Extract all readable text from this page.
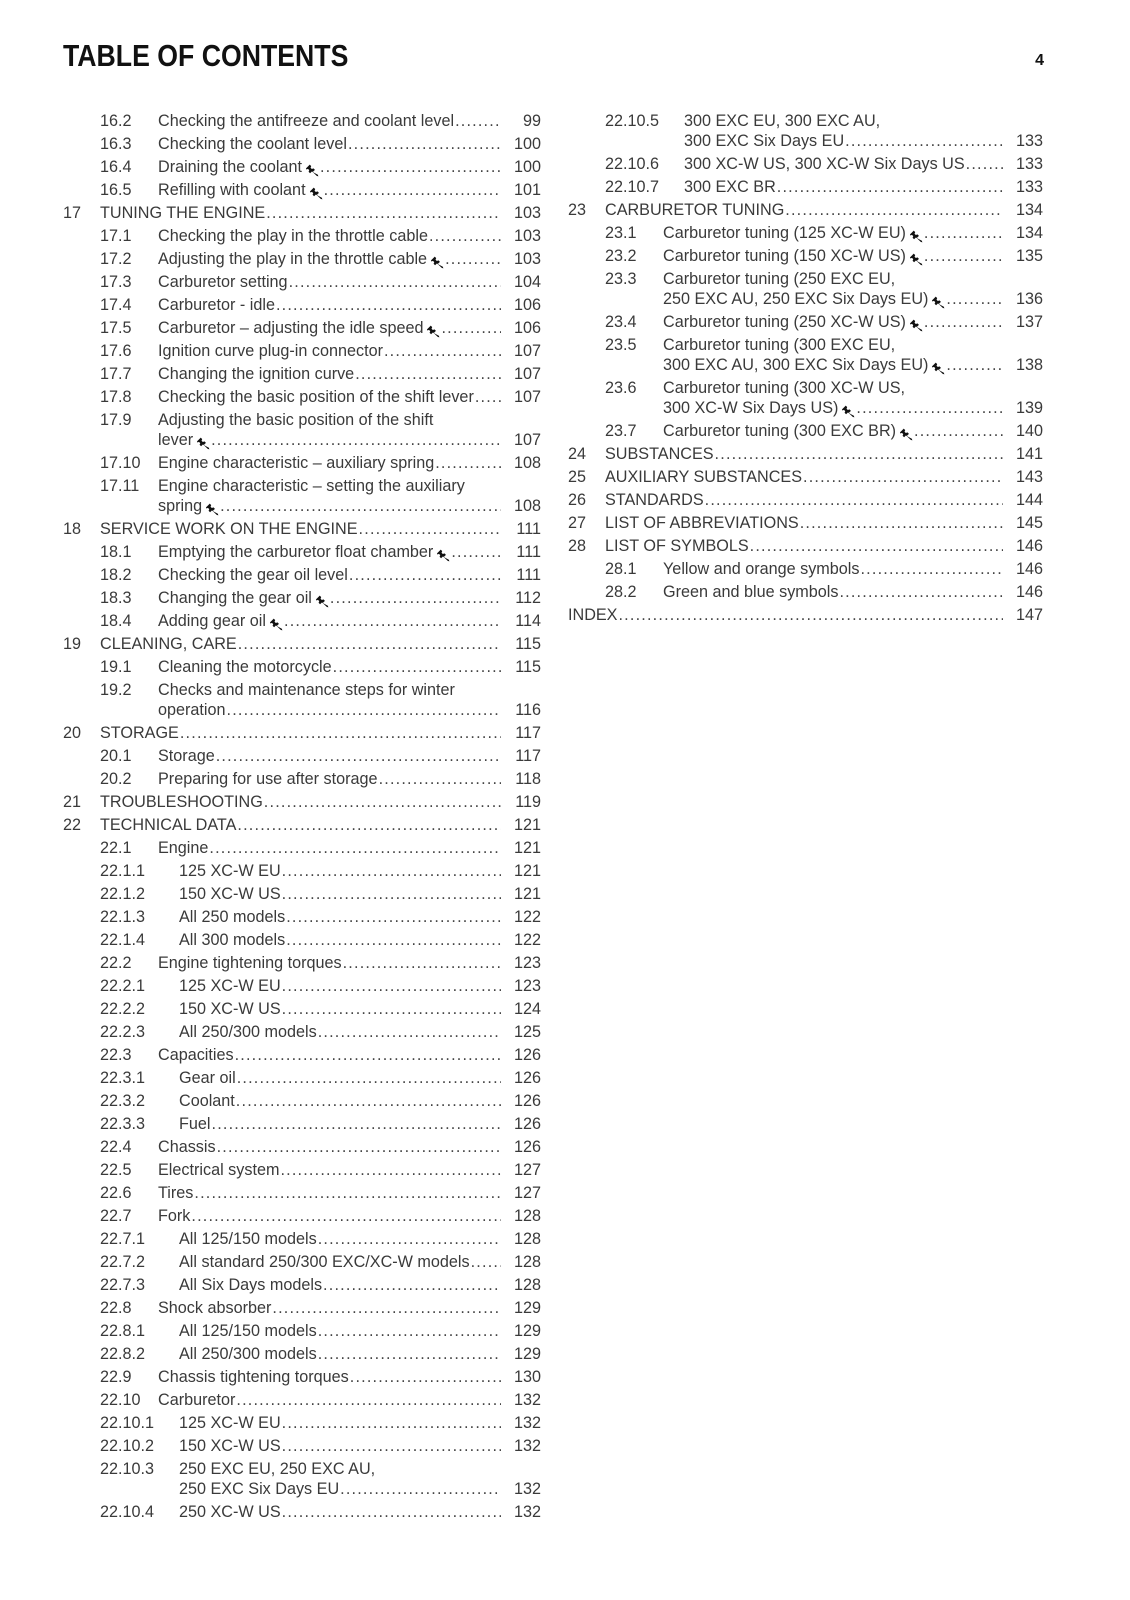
TABLE OF CONTENTS	4
16.2 Checking the antifreeze and coolant level .....	99
16.3 Checking the coolant level .....	100
16.4 Draining the coolant .....	100
16.5 Refilling with coolant .....	101
17 TUNING THE ENGINE .....	103
17.1 Checking the play in the throttle cable .....	103
17.2 Adjusting the play in the throttle cable .....	103
17.3 Carburetor setting .....	104
17.4 Carburetor - idle .....	106
17.5 Carburetor – adjusting the idle speed .....	106
17.6 Ignition curve plug-in connector .....	107
17.7 Changing the ignition curve .....	107
17.8 Checking the basic position of the shift lever ..... 107
17.9 Adjusting the basic position of the shift
lever .....	107
17.10 Engine characteristic – auxiliary spring .....	108
17.11 Engine characteristic – setting the auxiliary
spring .....	108
18 SERVICE WORK ON THE ENGINE .....	111
18.1 Emptying the carburetor float chamber .....	111
18.2 Checking the gear oil level .....	111
18.3 Changing the gear oil .....	112
18.4 Adding gear oil .....	114
19 CLEANING, CARE .....	115
19.1 Cleaning the motorcycle .....	115
19.2 Checks and maintenance steps for winter
operation .....	116
20 STORAGE .....	117
20.1 Storage .....	117
20.2 Preparing for use after storage .....	118
21 TROUBLESHOOTING .....	119
22 TECHNICAL DATA .....	121
22.1 Engine .....	121
22.1.1 125 XC-W EU .....	121
22.1.2 150 XC-W US .....	121
22.1.3 All 250 models .....	122
22.1.4 All 300 models .....	122
22.2 Engine tightening torques .....	123
22.2.1 125 XC-W EU .....	123
22.2.2 150 XC-W US .....	124
22.2.3 All 250/300 models .....	125
22.3 Capacities .....	126
22.3.1 Gear oil .....	126
22.3.2 Coolant .....	126
22.3.3 Fuel .....	126
22.4 Chassis .....	126
22.5 Electrical system .....	127
22.6 Tires .....	127
22.7 Fork .....	128
22.7.1 All 125/150 models .....	128
22.7.2 All standard 250/300 EXC/XC-W models .....	128
22.7.3 All Six Days models .....	128
22.8 Shock absorber .....	129
22.8.1 All 125/150 models .....	129
22.8.2 All 250/300 models .....	129
22.9 Chassis tightening torques .....	130
22.10 Carburetor .....	132
22.10.1 125 XC-W EU .....	132
22.10.2 150 XC-W US .....	132
22.10.3 250 EXC EU, 250 EXC AU,
250 EXC Six Days EU .....	132
22.10.4 250 XC-W US .....	132
22.10.5 300 EXC EU, 300 EXC AU,
300 EXC Six Days EU .....	133
22.10.6 300 XC-W US, 300 XC-W Six Days US .....	133
22.10.7 300 EXC BR .....	133
23 CARBURETOR TUNING .....	134
23.1 Carburetor tuning (125 XC-W EU) .....	134
23.2 Carburetor tuning (150 XC-W US) .....	135
23.3 Carburetor tuning (250 EXC EU,
250 EXC AU, 250 EXC Six Days EU) .....	136
23.4 Carburetor tuning (250 XC-W US) .....	137
23.5 Carburetor tuning (300 EXC EU,
300 EXC AU, 300 EXC Six Days EU) .....	138
23.6 Carburetor tuning (300 XC-W US,
300 XC-W Six Days US) .....	139
23.7 Carburetor tuning (300 EXC BR) .....	140
24 SUBSTANCES .....	141
25 AUXILIARY SUBSTANCES .....	143
26 STANDARDS .....	144
27 LIST OF ABBREVIATIONS .....	145
28 LIST OF SYMBOLS .....	146
28.1 Yellow and orange symbols .....	146
28.2 Green and blue symbols .....	146
INDEX .....	147
